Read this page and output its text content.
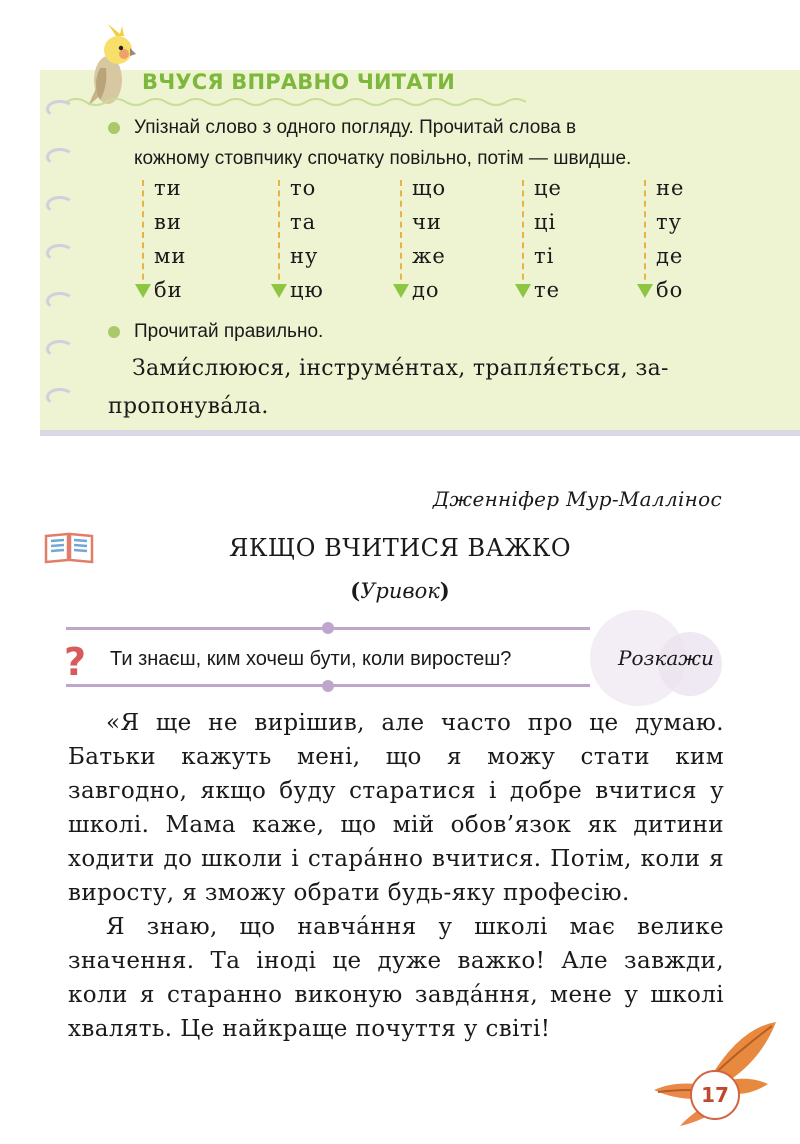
ВЧУСЯ ВПРАВНО ЧИТАТИ
Упізнай слово з одного погляду. Прочитай слова в
кожному стовпчику спочатку повільно, потім — швидше.
ти
ви
ми
би
то
та
ну
цю
що
чи
же
до
це
ці
ті
те
не
ту
де
бо
Прочитай правильно.
Зами́слююся, інструме́нтах, трапля́ється, за-
пропонува́ла.
Дженніфер Мур-Маллінос
ЯКЩО ВЧИТИСЯ ВАЖКО
(Уривок)
? Ти знаєш, ким хочеш бути, коли виростеш?	Розкажи

«Я ще не вирішив, але часто про це думаю. Батьки кажуть мені, що я можу стати ким завгодно, якщо буду старатися і добре вчитися у школі. Мама каже, що мій обов’язок як дитини ходити до школи і стара́нно вчитися. Потім, коли я виросту, я зможу обрати будь-яку професію.

Я знаю, що навча́ння у школі має велике значення. Та іноді це дуже важко! Але завжди, коли я старанно виконую завда́ння, мене у школі хвалять. Це найкраще почуття у світі!

17
